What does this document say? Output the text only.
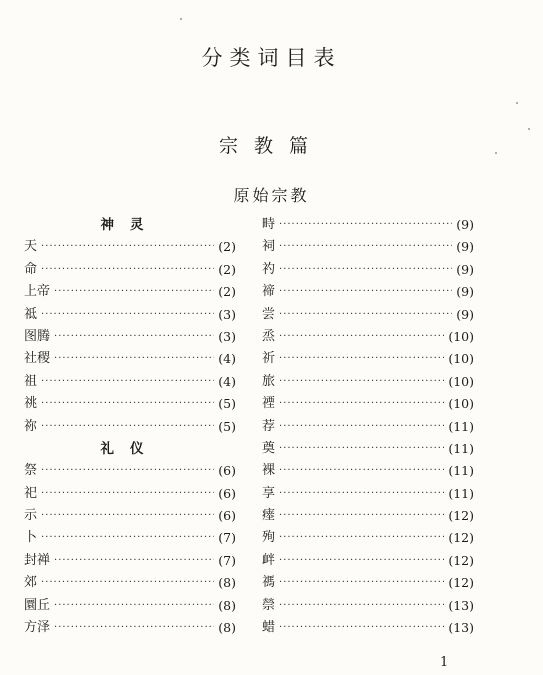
分类词目表
宗教篇
原始宗教
神灵
天 ·····	(2)
命 ·····	(2)
上帝 ·····	(2)
祗 ·····	(3)
图腾 ·····	(3)
社稷 ·····	(4)
祖 ·····	(4)
祧 ·····	(5)
祢 ·····	(5)
礼仪
祭 ·····	(6)
祀 ·····	(6)
示 ·····	(6)
卜 ·····	(7)
封禅 ·····	(7)
郊 ·····	(8)
圜丘 ·····	(8)
方泽 ·····	(8)
畤 ·····	(9)
祠 ·····	(9)
礿 ·····	(9)
禘 ·····	(9)
尝 ·····	(9)
烝 ·····	(10)
祈 ·····	(10)
旅 ·····	(10)
禋 ·····	(10)
荐 ·····	(11)
奠 ·····	(11)
裸 ·····	(11)
享 ·····	(11)
瘗 ·····	(12)
殉 ·····	(12)
衅 ·····	(12)
禡 ·····	(12)
禜 ·····	(13)
蜡 ·····	(13)
1
